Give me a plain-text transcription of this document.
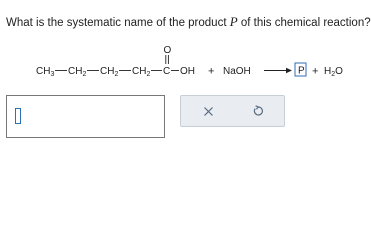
What is the systematic name of the product P of this chemical reaction?
$CH_3$ $CH_2$ $CH_2$ $CH_2$ C
O
OH + NaOH	$P + H_2O$
